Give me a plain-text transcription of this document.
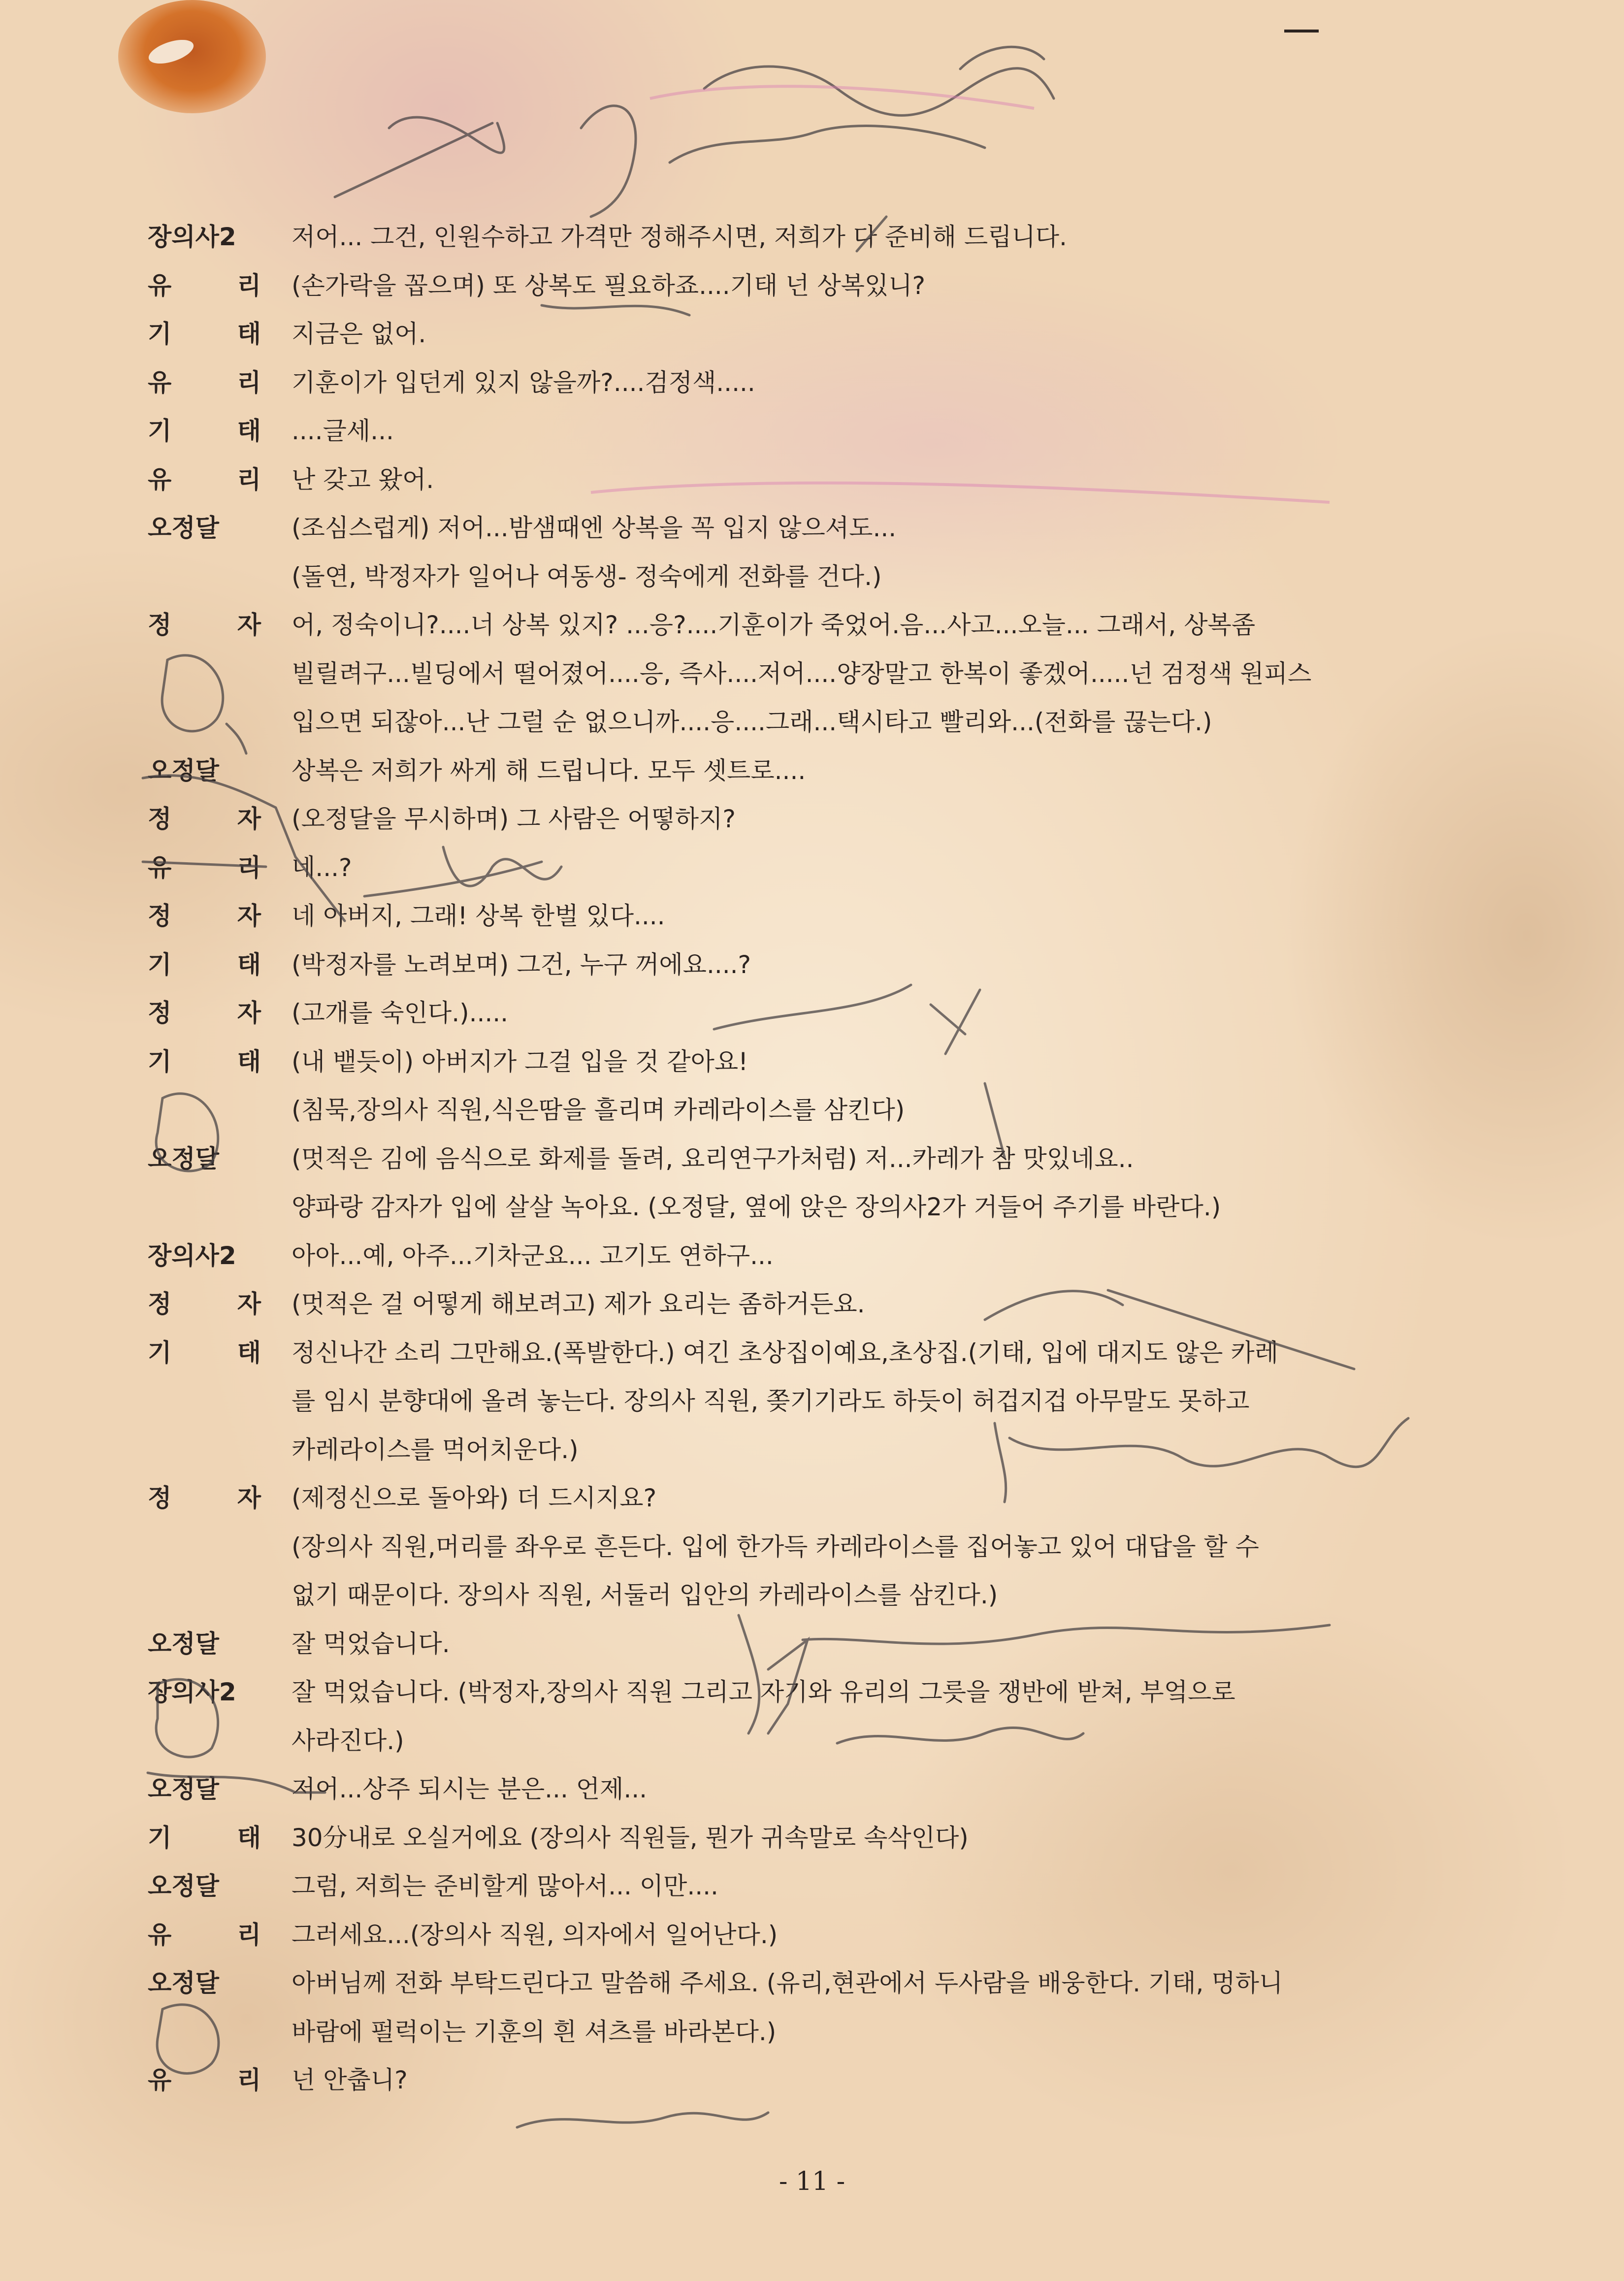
장의사2	저어... 그건, 인원수하고 가격만 정해주시면, 저희가 다 준비해 드립니다.
유 리 (손가락을 꼽으며) 또 상복도 필요하죠....기태 넌 상복있니?
기 태 지금은 없어.
유 리 기훈이가 입던게 있지 않을까?....검정색.....
기 태 ....글세...
유 리 난 갖고 왔어.
오정달	(조심스럽게) 저어...밤샘때엔 상복을 꼭 입지 않으셔도...
(돌연, 박정자가 일어나 여동생- 정숙에게 전화를 건다.)
정 자 어, 정숙이니?....너 상복 있지? ...응?....기훈이가 죽었어.음...사고...오늘... 그래서, 상복좀
빌릴려구...빌딩에서 떨어졌어....응, 즉사....저어....양장말고 한복이 좋겠어.....넌 검정색 원피스
입으면 되잖아...난 그럴 순 없으니까....응....그래...택시타고 빨리와...(전화를 끊는다.)
오정달	상복은 저희가 싸게 해 드립니다. 모두 셋트로....
정 자 (오정달을 무시하며) 그 사람은 어떻하지?
유 리 네...?
정 자 네 아버지, 그래! 상복 한벌 있다....
기 태 (박정자를 노려보며) 그건, 누구 꺼에요....?
정 자 (고개를 숙인다.).....
기 태 (내 뱉듯이) 아버지가 그걸 입을 것 같아요!
(침묵,장의사 직원,식은땀을 흘리며 카레라이스를 삼킨다)
오정달	(멋적은 김에 음식으로 화제를 돌려, 요리연구가처럼) 저...카레가 참 맛있네요..
양파랑 감자가 입에 살살 녹아요. (오정달, 옆에 앉은 장의사2가 거들어 주기를 바란다.)
장의사2	아아...예, 아주...기차군요... 고기도 연하구...
정 자 (멋적은 걸 어떻게 해보려고) 제가 요리는 좀하거든요.
기 태 정신나간 소리 그만해요.(폭발한다.) 여긴 초상집이예요,초상집.(기태, 입에 대지도 않은 카레
를 임시 분향대에 올려 놓는다. 장의사 직원, 쫒기기라도 하듯이 허겁지겁 아무말도 못하고
카레라이스를 먹어치운다.)
정 자 (제정신으로 돌아와) 더 드시지요?
(장의사 직원,머리를 좌우로 흔든다. 입에 한가득 카레라이스를 집어놓고 있어 대답을 할 수
없기 때문이다. 장의사 직원, 서둘러 입안의 카레라이스를 삼킨다.)
오정달	잘 먹었습니다.
장의사2	잘 먹었습니다. (박정자,장의사 직원 그리고 자기와 유리의 그릇을 쟁반에 받쳐, 부엌으로
사라진다.)
오정달	저어...상주 되시는 분은... 언제...
기 태 30分내로 오실거에요 (장의사 직원들, 뭔가 귀속말로 속삭인다)
오정달	그럼, 저희는 준비할게 많아서... 이만....
유 리 그러세요...(장의사 직원, 의자에서 일어난다.)
오정달	아버님께 전화 부탁드린다고 말씀해 주세요. (유리,현관에서 두사람을 배웅한다. 기태, 멍하니
바람에 펄럭이는 기훈의 흰 셔츠를 바라본다.)
유 리 넌 안춥니?
- 11 -
